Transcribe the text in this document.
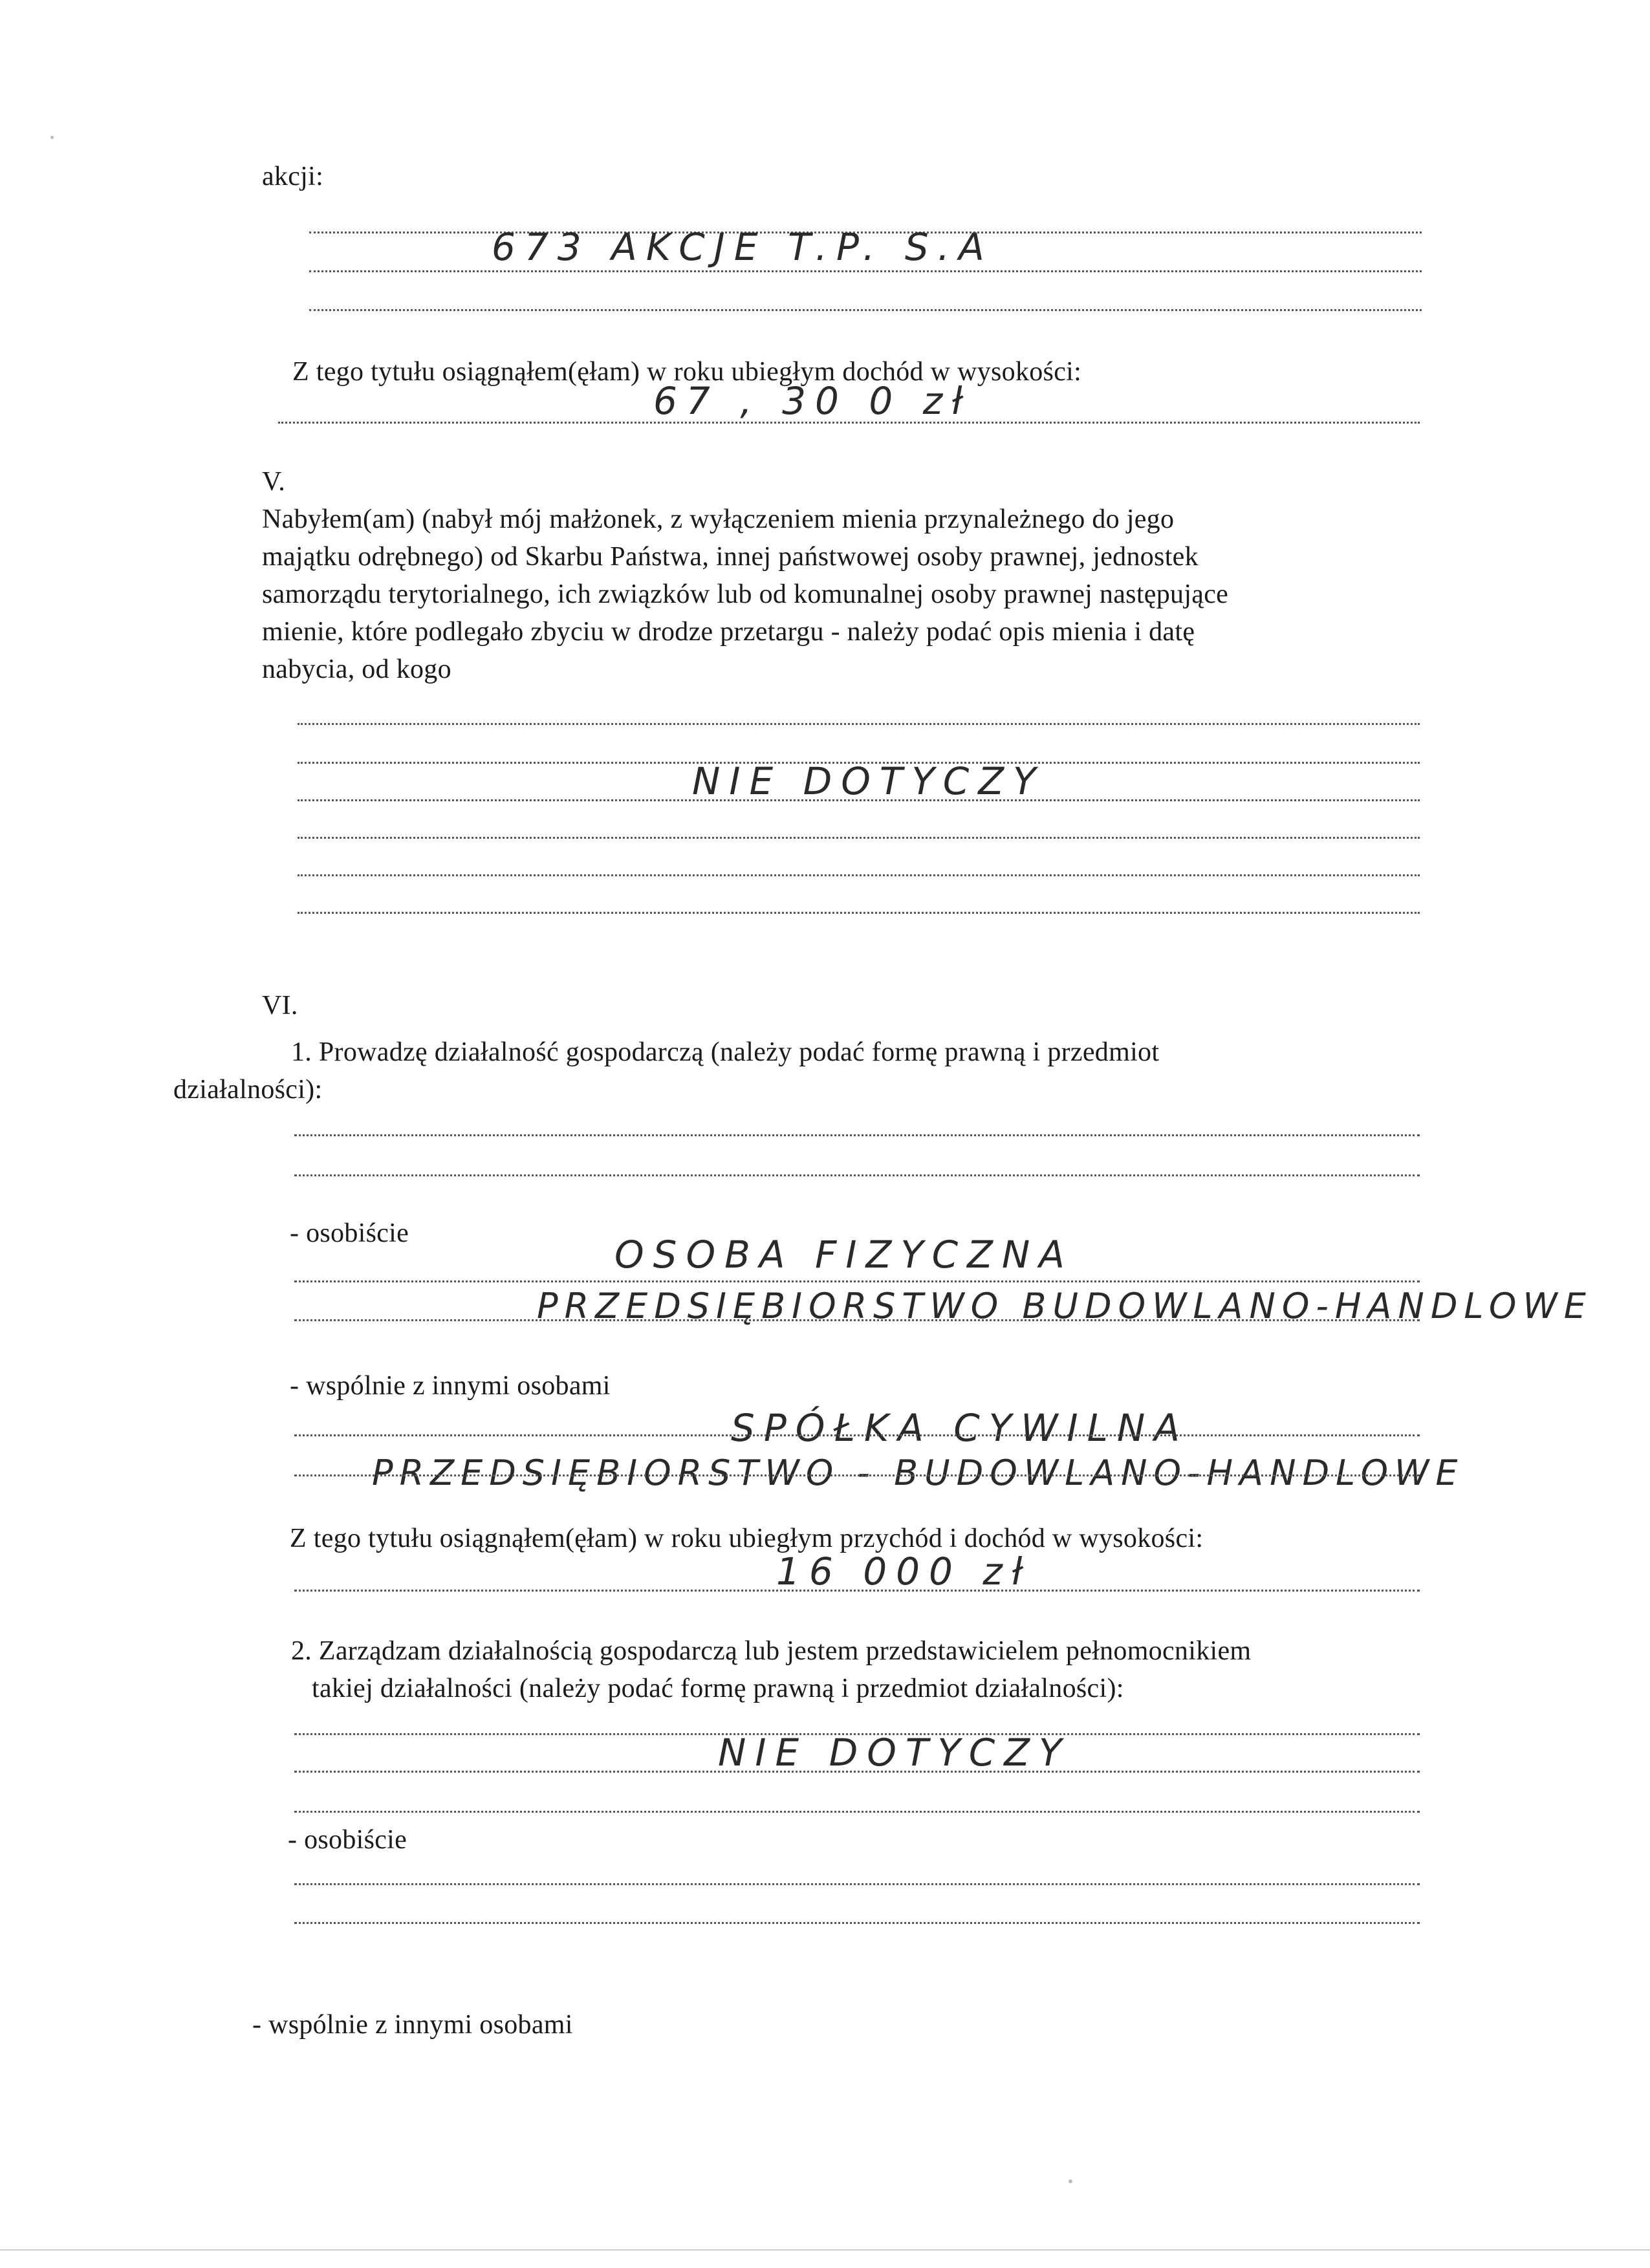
akcji:
673 AKCJE T.P. S.A
Z tego tytułu osiągnąłem(ęłam) w roku ubiegłym dochód w wysokości:
67 , 30 0 zł
V.
Nabyłem(am) (nabył mój małżonek, z wyłączeniem mienia przynależnego do jego
majątku odrębnego) od Skarbu Państwa, innej państwowej osoby prawnej, jednostek
samorządu terytorialnego, ich związków lub od komunalnej osoby prawnej następujące
mienie, które podlegało zbyciu w drodze przetargu - należy podać opis mienia i datę
nabycia, od kogo
NIE DOTYCZY
VI.
1. Prowadzę działalność gospodarczą (należy podać formę prawną i przedmiot
działalności):
- osobiście	OSOBA FIZYCZNA
PRZEDSIĘBIORSTWO BUDOWLANO-HANDLOWE
- wspólnie z innymi osobami
SPÓŁKA CYWILNA
PRZEDSIĘBIORSTWO - BUDOWLANO-HANDLOWE
Z tego tytułu osiągnąłem(ęłam) w roku ubiegłym przychód i dochód w wysokości:
16 000 zł
2. Zarządzam działalnością gospodarczą lub jestem przedstawicielem pełnomocnikiem
takiej działalności (należy podać formę prawną i przedmiot działalności):
NIE DOTYCZY
- osobiście
- wspólnie z innymi osobami
